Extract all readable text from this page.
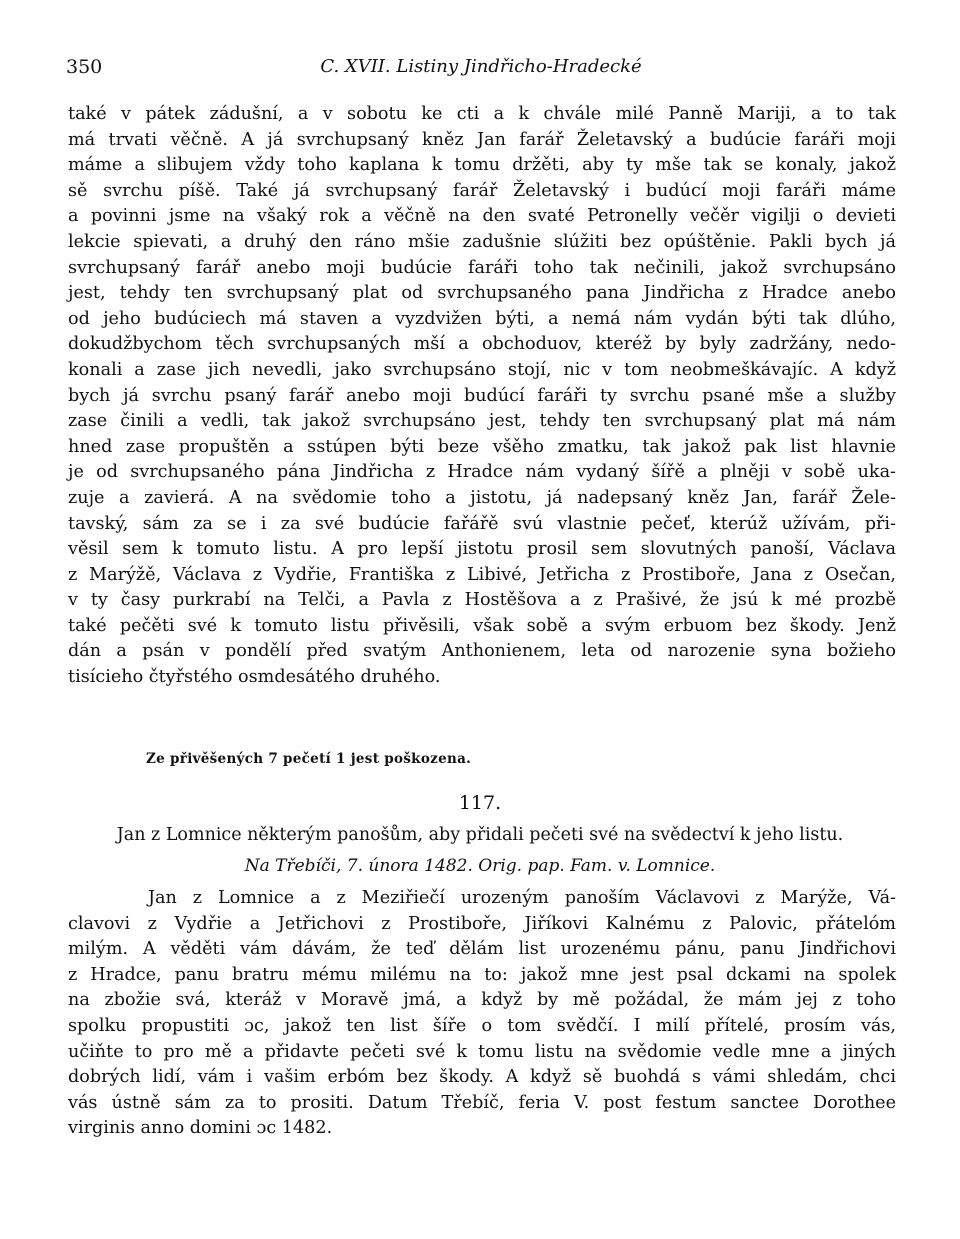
350	C. XVII. Listiny Jindřicho-Hradecké
také v pátek zádušní, a v sobotu ke cti a k chvále milé Panně Mariji, a to tak
má trvati věčně. A já svrchupsaný kněz Jan farář Želetavský a budúcie faráři moji
máme a slibujem vždy toho kaplana k tomu držěti, aby ty mše tak se konaly, jakož
sě svrchu píšě. Také já svrchupsaný farář Želetavský i budúcí moji faráři máme
a povinni jsme na všaký rok a věčně na den svaté Petronelly večěr vigilji o devieti
lekcie spievati, a druhý den ráno mšie zadušnie slúžiti bez opúštěnie. Pakli bych já
svrchupsaný farář anebo moji budúcie faráři toho tak nečinili, jakož svrchupsáno
jest, tehdy ten svrchupsaný plat od svrchupsaného pana Jindřicha z Hradce anebo
od jeho budúciech má staven a vyzdvižen býti, a nemá nám vydán býti tak dlúho,
dokudžbychom těch svrchupsaných mší a obchoduov, kteréž by byly zadržány, nedo-
konali a zase jich nevedli, jako svrchupsáno stojí, nic v tom neobmeškávajíc. A když
bych já svrchu psaný farář anebo moji budúcí faráři ty svrchu psané mše a služby
zase činili a vedli, tak jakož svrchupsáno jest, tehdy ten svrchupsaný plat má nám
hned zase propuštěn a sstúpen býti beze všěho zmatku, tak jakož pak list hlavnie
je od svrchupsaného pána Jindřicha z Hradce nám vydaný šířě a plněji v sobě uka-
zuje a zavierá. A na svědomie toho a jistotu, já nadepsaný kněz Jan, farář Žele-
tavský, sám za se i za své budúcie fařářě svú vlastnie pečeť, kterúž užívám, při-
věsil sem k tomuto listu. A pro lepší jistotu prosil sem slovutných panoší, Václava
z Marýžě, Václava z Vydřie, Františka z Libivé, Jetřicha z Prostiboře, Jana z Osečan,
v ty časy purkrabí na Telči, a Pavla z Hostěšova a z Prašivé, že jsú k mé prozbě
také pečěti své k tomuto listu přivěsili, však sobě a svým erbuom bez škody. Jenž
dán a psán v pondělí před svatým Anthonienem, leta od narozenie syna božieho
tisícieho čtyřstého osmdesátého druhého.
Ze přivěšených 7 pečetí 1 jest poškozena.
117.
Jan z Lomnice některým panošům, aby přidali pečeti své na svědectví k jeho listu.
Na Třebíči, 7. února 1482. Orig. pap. Fam. v. Lomnice.
Jan z Lomnice a z Meziřiečí urozeným panoším Václavovi z Marýže, Vá-
clavovi z Vydřie a Jetřichovi z Prostiboře, Jiříkovi Kalnému z Palovic, přátelóm
milým. A věděti vám dávám, že teď dělám list urozenému pánu, panu Jindřichovi
z Hradce, panu bratru mému milému na to: jakož mne jest psal dckami na spolek
na zbožie svá, kteráž v Moravě jmá, a když by mě požádal, že mám jej z toho
spolku propustiti ɔc, jakož ten list šíře o tom svědčí. I milí přítelé, prosím vás,
učiňte to pro mě a přidavte pečeti své k tomu listu na svědomie vedle mne a jiných
dobrých lidí, vám i vašim erbóm bez škody. A když sě buohdá s vámi shledám, chci
vás ústně sám za to prositi. Datum Třebíč, feria V. post festum sanctee Dorothee
virginis anno domini ɔc 1482.
